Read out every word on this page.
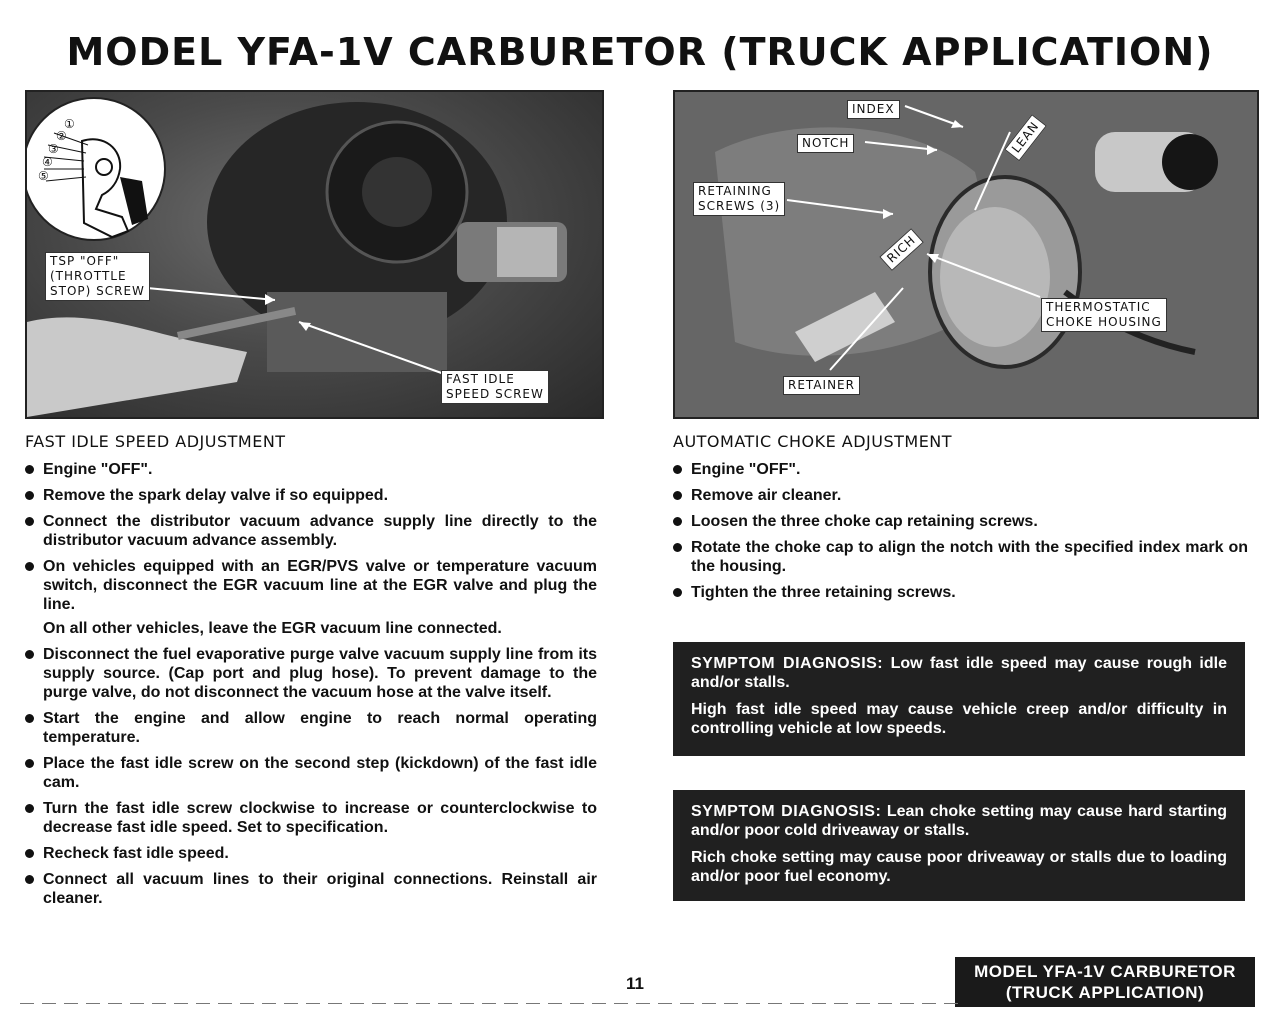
MODEL YFA-1V CARBURETOR (TRUCK APPLICATION)
①
②
③
④
⑤
TSP "OFF"
(THROTTLE
STOP) SCREW
FAST IDLE
SPEED SCREW
INDEX
NOTCH
RETAINING
SCREWS (3)
LEAN
RICH
THERMOSTATIC
CHOKE HOUSING
RETAINER
FAST IDLE SPEED ADJUSTMENT
Engine "OFF".
Remove the spark delay valve if so equipped.
Connect the distributor vacuum advance supply line directly to the distributor vacuum advance assembly.
On vehicles equipped with an EGR/PVS valve or temperature vacuum switch, disconnect the EGR vacuum line at the EGR valve and plug the line.
On all other vehicles, leave the EGR vacuum line connected.
Disconnect the fuel evaporative purge valve vacuum supply line from its supply source. (Cap port and plug hose). To prevent damage to the purge valve, do not disconnect the vacuum hose at the valve itself.
Start the engine and allow engine to reach normal operating temperature.
Place the fast idle screw on the second step (kickdown) of the fast idle cam.
Turn the fast idle screw clockwise to increase or counterclockwise to decrease fast idle speed. Set to specification.
Recheck fast idle speed.
Connect all vacuum lines to their original connections. Reinstall air cleaner.
AUTOMATIC CHOKE ADJUSTMENT
Engine "OFF".
Remove air cleaner.
Loosen the three choke cap retaining screws.
Rotate the choke cap to align the notch with the specified index mark on the housing.
Tighten the three retaining screws.

SYMPTOM DIAGNOSIS: Low fast idle speed may cause rough idle and/or stalls.

High fast idle speed may cause vehicle creep and/or difficulty in controlling vehicle at low speeds.

SYMPTOM DIAGNOSIS: Lean choke setting may cause hard starting and/or poor cold driveaway or stalls.

Rich choke setting may cause poor driveaway or stalls due to loading and/or poor fuel economy.

11
MODEL YFA-1V CARBURETOR
(TRUCK APPLICATION)
